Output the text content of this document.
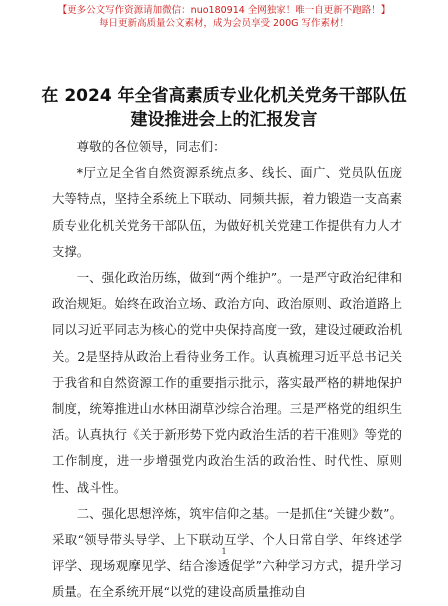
【更多公文写作资源请加微信：nuo180914 全网独家！唯一自更新不跑路！】
每日更新高质量公文素材，成为会员享受 200G 写作素材！
在 2024 年全省高素质专业化机关党务干部队伍
建设推进会上的汇报发言

尊敬的各位领导，同志们：

*厅立足全省自然资源系统点多、线长、面广、党员队伍庞大等特点，坚持全系统上下联动、同频共振，着力锻造一支高素质专业化机关党务干部队伍，为做好机关党建工作提供有力人才支撑。

一、强化政治历练，做到“两个维护”。一是严守政治纪律和政治规矩。始终在政治立场、政治方向、政治原则、政治道路上同以习近平同志为核心的党中央保持高度一致，建设过硬政治机关。2是坚持从政治上看待业务工作。认真梳理习近平总书记关于我省和自然资源工作的重要指示批示，落实最严格的耕地保护制度，统筹推进山水林田湖草沙综合治理。三是严格党的组织生活。认真执行《关于新形势下党内政治生活的若干准则》等党的工作制度，进一步增强党内政治生活的政治性、时代性、原则性、战斗性。

二、强化思想淬炼，筑牢信仰之基。一是抓住“关键少数”。采取“领导带头导学、上下联动互学、个人日常自学、年终述学评学、现场观摩见学、结合渗透促学”六种学习方式，提升学习质量。在全系统开展“以党的建设高质量推动自

1
